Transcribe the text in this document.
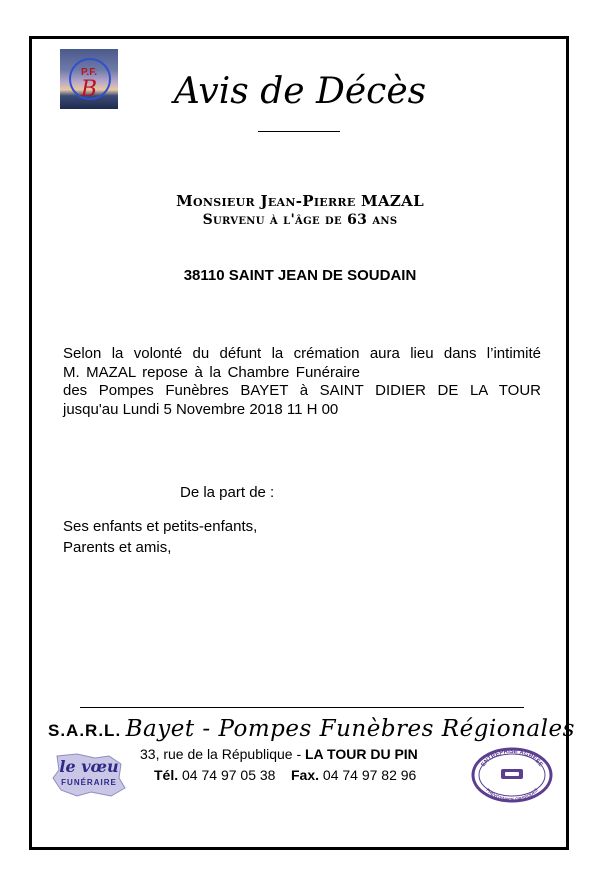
P.F.
B	Avis de Décès
Monsieur Jean-Pierre MAZAL
Survenu à l'âge de 63 ans
38110 SAINT JEAN DE SOUDAIN
Selon la volonté du défunt la crémation aura lieu dans l’intimité
M. MAZAL repose à la Chambre Funéraire
des Pompes Funèbres BAYET à SAINT DIDIER DE LA TOUR
jusqu'au Lundi 5 Novembre 2018 11 H 00
De la part de :
Ses enfants et petits-enfants,
Parents et amis,
S.A.R.L. Bayet - Pompes Funèbres Régionales
33, rue de la République - LA TOUR DU PIN
Tél. 04 74 97 05 38 Fax. 04 74 97 82 96
le vœu
FUNÉRAIRE
ENTREPRISE AGRÉÉE
PRÉVOYANCE OBSÈQUES
